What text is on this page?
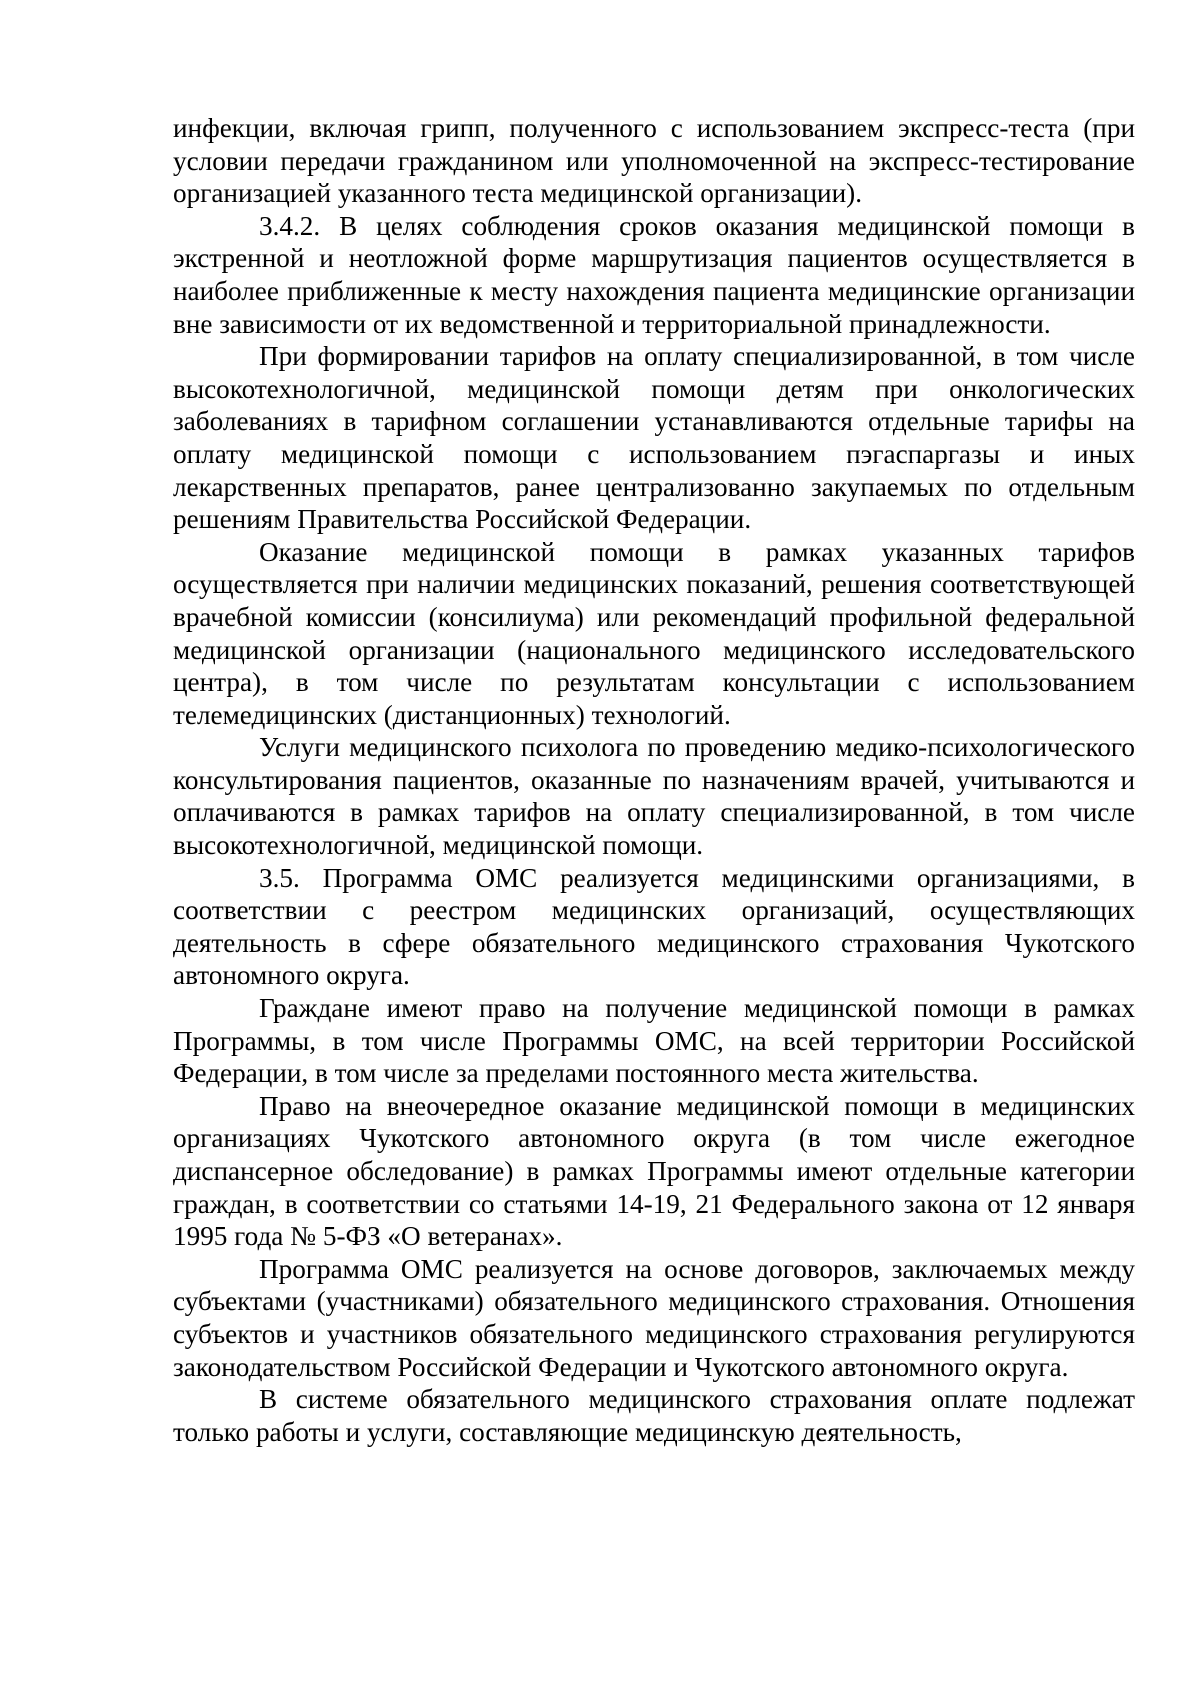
инфекции, включая грипп, полученного с использованием экспресс-теста (при условии передачи гражданином или уполномоченной на экспресс-тестирование организацией указанного теста медицинской организации).

3.4.2. В целях соблюдения сроков оказания медицинской помощи в экстренной и неотложной форме маршрутизация пациентов осуществляется в наиболее приближенные к месту нахождения пациента медицинские организации вне зависимости от их ведомственной и территориальной принадлежности.

При формировании тарифов на оплату специализированной, в том числе высокотехнологичной, медицинской помощи детям при онкологических заболеваниях в тарифном соглашении устанавливаются отдельные тарифы на оплату медицинской помощи с использованием пэгаспаргазы и иных лекарственных препаратов, ранее централизованно закупаемых по отдельным решениям Правительства Российской Федерации.

Оказание медицинской помощи в рамках указанных тарифов осуществляется при наличии медицинских показаний, решения соответствующей врачебной комиссии (консилиума) или рекомендаций профильной федеральной медицинской организации (национального медицинского исследовательского центра), в том числе по результатам консультации с использованием телемедицинских (дистанционных) технологий.

Услуги медицинского психолога по проведению медико-психологического консультирования пациентов, оказанные по назначениям врачей, учитываются и оплачиваются в рамках тарифов на оплату специализированной, в том числе высокотехнологичной, медицинской помощи.

3.5. Программа ОМС реализуется медицинскими организациями, в соответствии с реестром медицинских организаций, осуществляющих деятельность в сфере обязательного медицинского страхования Чукотского автономного округа.

Граждане имеют право на получение медицинской помощи в рамках Программы, в том числе Программы ОМС, на всей территории Российской Федерации, в том числе за пределами постоянного места жительства.

Право на внеочередное оказание медицинской помощи в медицинских организациях Чукотского автономного округа (в том числе ежегодное диспансерное обследование) в рамках Программы имеют отдельные категории граждан, в соответствии со статьями 14-19, 21 Федерального закона от 12 января 1995 года № 5-ФЗ «О ветеранах».

Программа ОМС реализуется на основе договоров, заключаемых между субъектами (участниками) обязательного медицинского страхования. Отношения субъектов и участников обязательного медицинского страхования регулируются законодательством Российской Федерации и Чукотского автономного округа.

В системе обязательного медицинского страхования оплате подлежат только работы и услуги, составляющие медицинскую деятельность,
